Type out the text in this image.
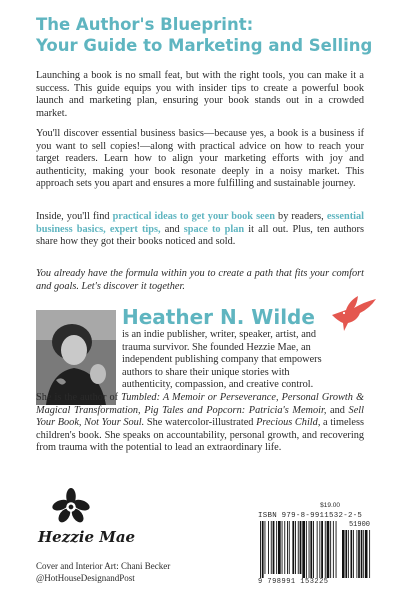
The Author's Blueprint:
Your Guide to Marketing and Selling
Launching a book is no small feat, but with the right tools, you can make it a success. This guide equips you with insider tips to create a powerful book launch and marketing plan, ensuring your book stands out in a crowded market.
You'll discover essential business basics—because yes, a book is a business if you want to sell copies!—along with practical advice on how to reach your target readers. Learn how to align your marketing efforts with joy and authenticity, making your book resonate deeply in a noisy market. This approach sets you apart and ensures a more fulfilling and sustainable journey.
Inside, you'll find practical ideas to get your book seen by readers, essential business basics, expert tips, and space to plan it all out. Plus, ten authors share how they got their books noticed and sold.
You already have the formula within you to create a path that fits your comfort and goals. Let's discover it together.
Heather N. Wilde
is an indie publisher, writer, speaker, artist, and
trauma survivor. She founded Hezzie Mae, an
independent publishing company that empowers
authors to share their unique stories with
authenticity, compassion, and creative control.
She is the author of Tumbled: A Memoir or Perseverance, Personal Growth & Magical Transformation, Pig Tales and Popcorn: Patricia's Memoir, and Sell Your Book, Not Your Soul. She watercolor-illustrated Precious Child, a timeless children's book. She speaks on accountability, personal growth, and recovering from trauma with the potential to lead an extraordinary life.
Hezzie Mae
Cover and Interior Art: Chani Becker
@HotHouseDesignandPost
$19.00
ISBN 979-8-9911532-2-5
51900
9 798991 153225
